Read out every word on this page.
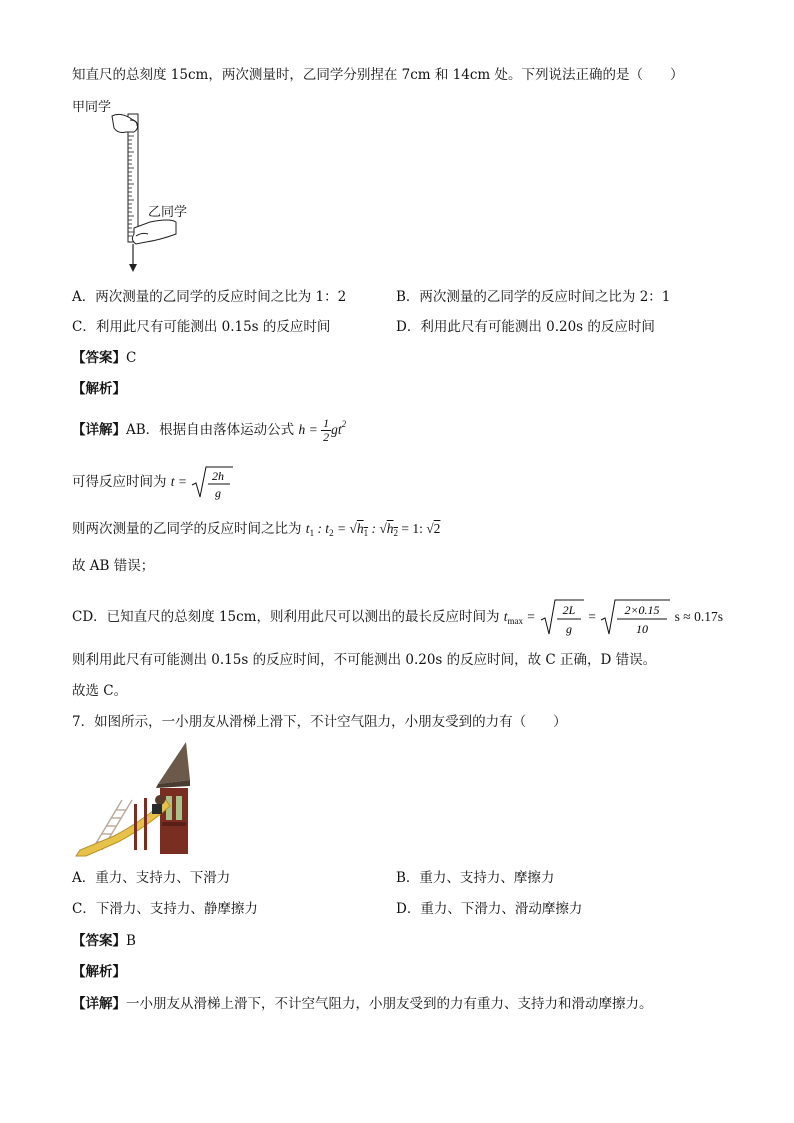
知直尺的总刻度 15cm，两次测量时，乙同学分别捏在 7cm 和 14cm 处。下列说法正确的是（　　）
甲同学
乙同学
A．两次测量的乙同学的反应时间之比为 1：2	B．两次测量的乙同学的反应时间之比为 2：1
C．利用此尺有可能测出 0.15s 的反应时间	D．利用此尺有可能测出 0.20s 的反应时间
【答案】C
【解析】
【详解】AB．根据自由落体运动公式 $h = \frac{1}{2} gt^2$
可得反应时间为 t = 2h
g
则两次测量的乙同学的反应时间之比为 $t_1$ : $t_2 = √h_1$ : $√h_2 = 1$: √2
故 AB 错误；
CD．已知直尺的总刻度 15cm，则利用此尺可以测出的最长反应时间为 $t_{max} = 2L$
g
= 2×0.15
10
s ≈ 0.17s
则利用此尺有可能测出 0.15s 的反应时间，不可能测出 0.20s 的反应时间，故 C 正确，D 错误。
故选 C。
7．如图所示，一小朋友从滑梯上滑下，不计空气阻力，小朋友受到的力有（　　）
A．重力、支持力、下滑力	B．重力、支持力、摩擦力
C．下滑力、支持力、静摩擦力	D．重力、下滑力、滑动摩擦力
【答案】B
【解析】
【详解】一小朋友从滑梯上滑下，不计空气阻力，小朋友受到的力有重力、支持力和滑动摩擦力。
